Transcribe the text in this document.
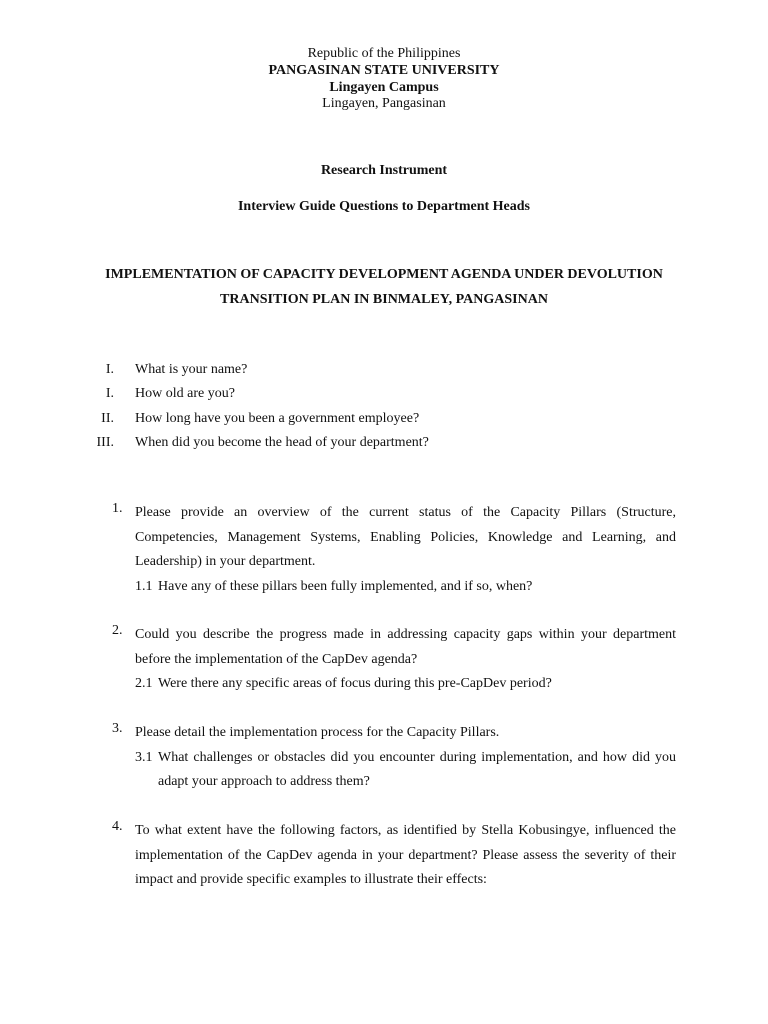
Republic of the Philippines
PANGASINAN STATE UNIVERSITY
Lingayen Campus
Lingayen, Pangasinan
Research Instrument
Interview Guide Questions to Department Heads
IMPLEMENTATION OF CAPACITY DEVELOPMENT AGENDA UNDER DEVOLUTION
TRANSITION PLAN IN BINMALEY, PANGASINAN
I. What is your name?
I. How old are you?
II. How long have you been a government employee?
III. When did you become the head of your department?
1. Please provide an overview of the current status of the Capacity Pillars (Structure, Competencies, Management Systems, Enabling Policies, Knowledge and Learning, and Leadership) in your department.
1.1 Have any of these pillars been fully implemented, and if so, when?
2. Could you describe the progress made in addressing capacity gaps within your department before the implementation of the CapDev agenda?
2.1 Were there any specific areas of focus during this pre-CapDev period?
3. Please detail the implementation process for the Capacity Pillars.
3.1 What challenges or obstacles did you encounter during implementation, and how did you adapt your approach to address them?
4. To what extent have the following factors, as identified by Stella Kobusingye, influenced the implementation of the CapDev agenda in your department? Please assess the severity of their impact and provide specific examples to illustrate their effects:
